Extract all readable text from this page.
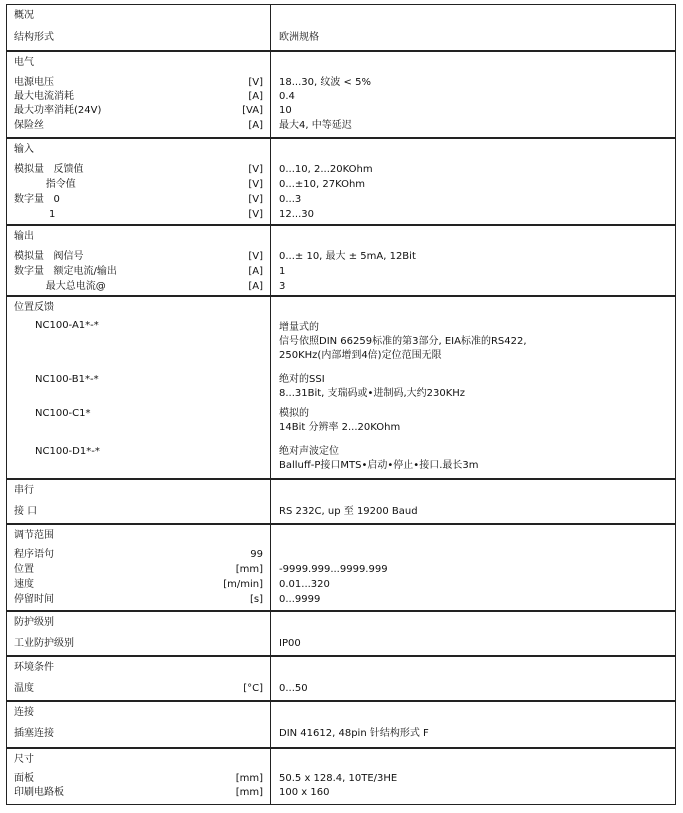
概况
结构形式	欧洲规格
电气
电源电压	[V] 18...30, 纹波 < 5%
最大电流消耗	[A] 0.4
最大功率消耗(24V)	[VA] 10
保险丝	[A] 最大4, 中等延迟
输入
模拟量   反馈值	[V] 0...10, 2...20KOhm
指令值	[V] 0...±10, 27KOhm
数字量   0	[V] 0...3
1	[V] 12...30
输出
模拟量   阀信号	[V] 0...± 10, 最大 ± 5mA, 12Bit
数字量   额定电流/输出	[A] 1
最大总电流@	[A] 3
位置反馈
NC100-A1*-*	增量式的
信号依照DIN 66259标准的第3部分, EIA标准的RS422,
250KHz(内部增到4倍)定位范围无限
NC100-B1*-*	绝对的SSI
8...31Bit, 支瑞码或•进制码,大约230KHz
NC100-C1*	模拟的
14Bit 分辨率 2...20KOhm
NC100-D1*-*	绝对声波定位
Balluff-P接口MTS•启动•停止•接口.最长3m
串行
接 口	RS 232C, up 至 19200 Baud
调节范围
程序语句	99
位置	[mm] -9999.999...9999.999
速度	[m/min] 0.01...320
停留时间	[s] 0...9999
防护级别
工业防护级别	IP00
环境条件
温度	[°C] 0...50
连接
插塞连接	DIN 41612, 48pin 针结构形式 F
尺寸
面板	[mm] 50.5 x 128.4, 10TE/3HE
印刷电路板	[mm] 100 x 160
